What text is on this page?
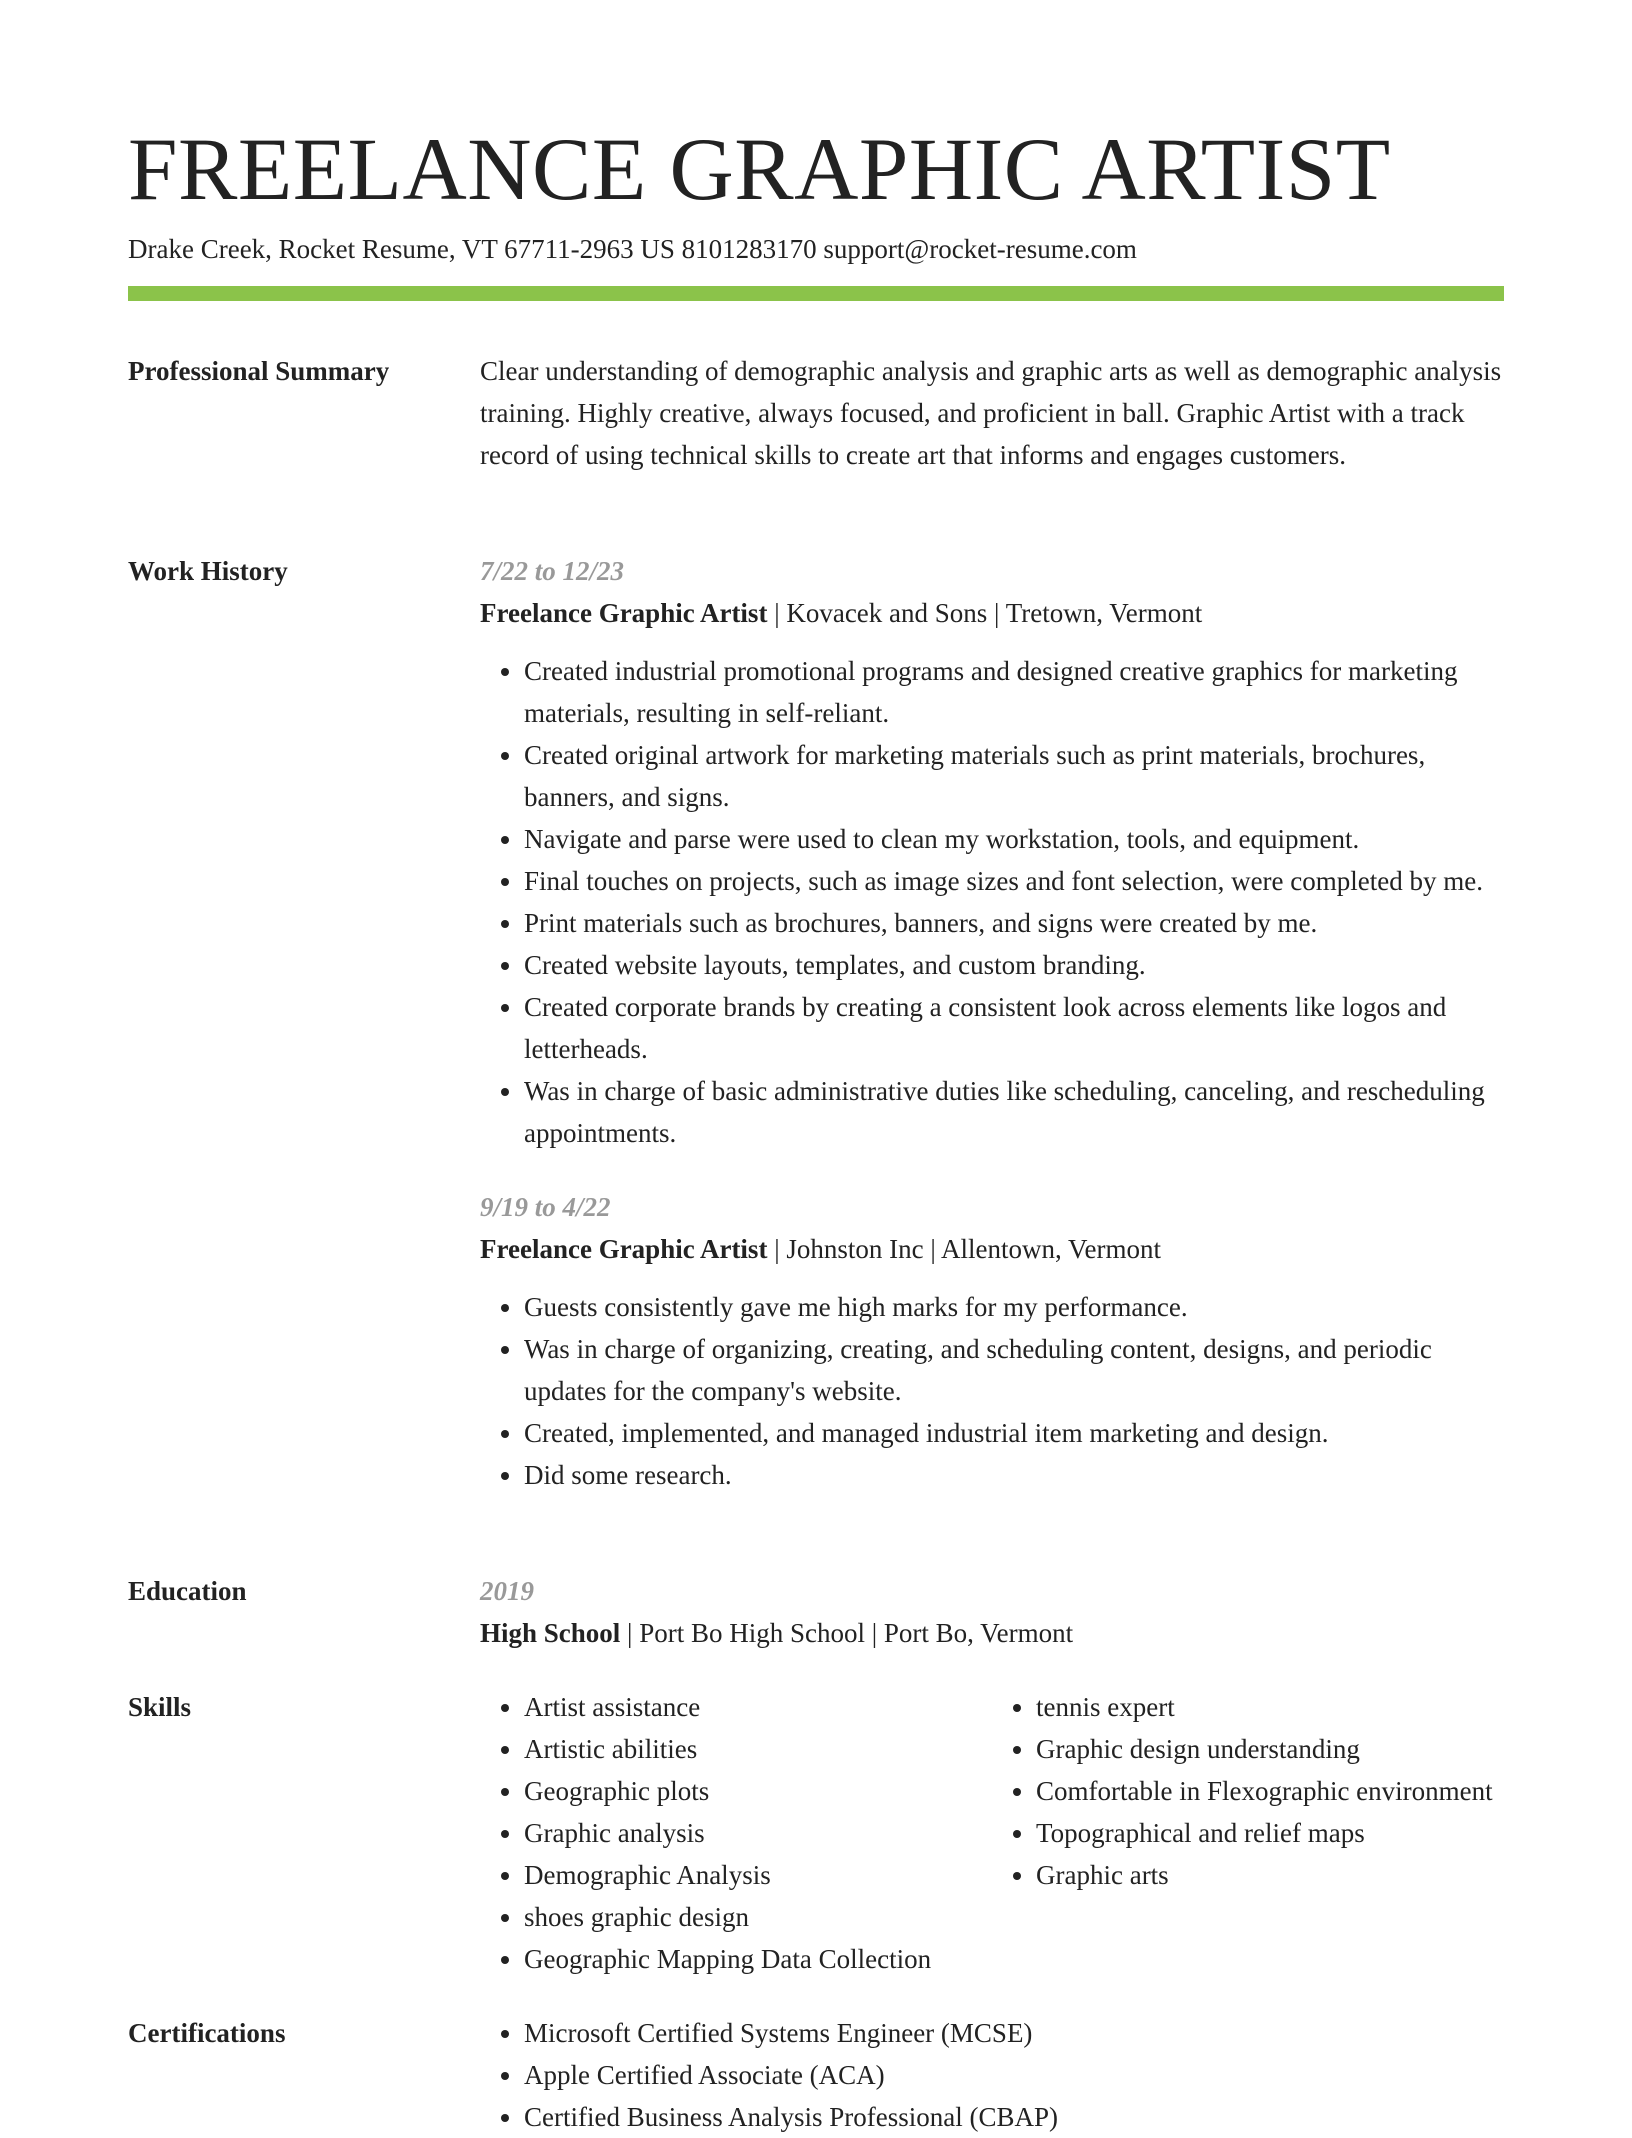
FREELANCE GRAPHIC ARTIST
Drake Creek, Rocket Resume, VT 67711-2963 US 8101283170 support@rocket-resume.com
Professional Summary	Clear understanding of demographic analysis and graphic arts as well as demographic analysis training. Highly creative, always focused, and proficient in ball. Graphic Artist with a track record of using technical skills to create art that informs and engages customers.
Work History	7/22 to 12/23
Freelance Graphic Artist | Kovacek and Sons | Tretown, Vermont
• Created industrial promotional programs and designed creative graphics for marketing materials, resulting in self-reliant.
• Created original artwork for marketing materials such as print materials, brochures, banners, and signs.
• Navigate and parse were used to clean my workstation, tools, and equipment.
• Final touches on projects, such as image sizes and font selection, were completed by me.
• Print materials such as brochures, banners, and signs were created by me.
• Created website layouts, templates, and custom branding.
• Created corporate brands by creating a consistent look across elements like logos and letterheads.
• Was in charge of basic administrative duties like scheduling, canceling, and rescheduling appointments.
9/19 to 4/22
Freelance Graphic Artist | Johnston Inc | Allentown, Vermont
• Guests consistently gave me high marks for my performance.
• Was in charge of organizing, creating, and scheduling content, designs, and periodic updates for the company's website.
• Created, implemented, and managed industrial item marketing and design.
• Did some research.
Education	2019
High School | Port Bo High School | Port Bo, Vermont
Skills	• Artist assistance
• Artistic abilities
• Geographic plots
• Graphic analysis
• Demographic Analysis
• shoes graphic design
• Geographic Mapping Data Collection
• tennis expert
• Graphic design understanding
• Comfortable in Flexographic environment
• Topographical and relief maps
• Graphic arts
Certifications	• Microsoft Certified Systems Engineer (MCSE)
• Apple Certified Associate (ACA)
• Certified Business Analysis Professional (CBAP)
